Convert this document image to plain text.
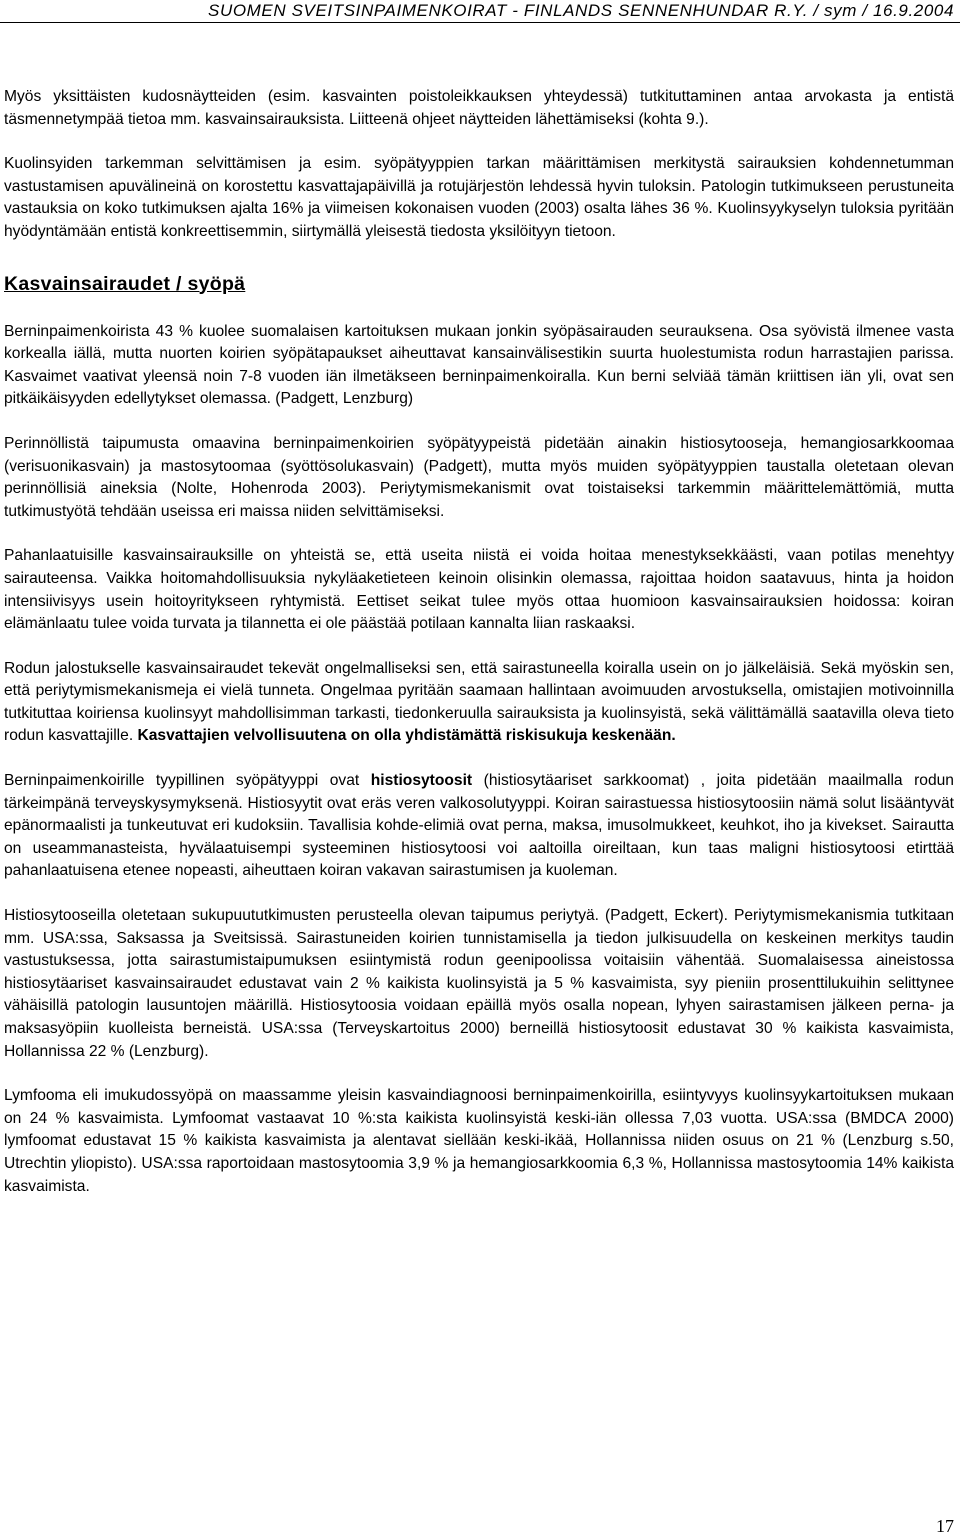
SUOMEN SVEITSINPAIMENKOIRAT - FINLANDS SENNENHUNDAR R.Y. / sym / 16.9.2004

Myös yksittäisten kudosnäytteiden (esim. kasvainten poistoleikkauksen yhteydessä) tutkituttaminen antaa arvokasta ja entistä täsmennetympää tietoa mm. kasvainsairauksista. Liitteenä ohjeet näytteiden lähettämiseksi (kohta 9.).

Kuolinsyiden tarkemman selvittämisen ja esim. syöpätyyppien tarkan määrittämisen merkitystä sairauksien kohdennetumman vastustamisen apuvälineinä on korostettu kasvattajapäivillä ja rotujärjestön lehdessä hyvin tuloksin. Patologin tutkimukseen perustuneita vastauksia on koko tutkimuksen ajalta 16% ja viimeisen kokonaisen vuoden (2003) osalta lähes 36 %. Kuolinsyykyselyn tuloksia pyritään hyödyntämään entistä konkreettisemmin, siirtymällä yleisestä tiedosta yksilöityyn tietoon.

Kasvainsairaudet / syöpä

Berninpaimenkoirista 43 % kuolee suomalaisen kartoituksen mukaan jonkin syöpäsairauden seurauksena. Osa syövistä ilmenee vasta korkealla iällä, mutta nuorten koirien syöpätapaukset aiheuttavat kansainvälisestikin suurta huolestumista rodun harrastajien parissa. Kasvaimet vaativat yleensä noin 7-8 vuoden iän ilmetäkseen berninpaimenkoiralla. Kun berni selviää tämän kriittisen iän yli, ovat sen pitkäikäisyyden edellytykset olemassa. (Padgett, Lenzburg)

Perinnöllistä taipumusta omaavina berninpaimenkoirien syöpätyypeistä pidetään ainakin histiosytooseja, hemangiosarkkoomaa (verisuonikasvain) ja mastosytoomaa (syöttösolukasvain) (Padgett), mutta myös muiden syöpätyyppien taustalla oletetaan olevan perinnöllisiä aineksia (Nolte, Hohenroda 2003). Periytymismekanismit ovat toistaiseksi tarkemmin määrittelemättömiä, mutta tutkimustyötä tehdään useissa eri maissa niiden selvittämiseksi.

Pahanlaatuisille kasvainsairauksille on yhteistä se, että useita niistä ei voida hoitaa menestyksekkäästi, vaan potilas menehtyy sairauteensa. Vaikka hoitomahdollisuuksia nykyläaketieteen keinoin olisinkin olemassa, rajoittaa hoidon saatavuus, hinta ja hoidon intensiivisyys usein hoitoyritykseen ryhtymistä. Eettiset seikat tulee myös ottaa huomioon kasvainsairauksien hoidossa: koiran elämänlaatu tulee voida turvata ja tilannetta ei ole päästää potilaan kannalta liian raskaaksi.

Rodun jalostukselle kasvainsairaudet tekevät ongelmalliseksi sen, että sairastuneella koiralla usein on jo jälkeläisiä. Sekä myöskin sen, että periytymismekanismeja ei vielä tunneta. Ongelmaa pyritään saamaan hallintaan avoimuuden arvostuksella, omistajien motivoinnilla tutkituttaa koiriensa kuolinsyyt mahdollisimman tarkasti, tiedonkeruulla sairauksista ja kuolinsyistä, sekä välittämällä saatavilla oleva tieto rodun kasvattajille. Kasvattajien velvollisuutena on olla yhdistämättä riskisukuja keskenään.

Berninpaimenkoirille tyypillinen syöpätyyppi ovat histiosytoosit (histiosytäariset sarkkoomat) , joita pidetään maailmalla rodun tärkeimpänä terveyskysymyksenä. Histiosyytit ovat eräs veren valkosolutyyppi. Koiran sairastuessa histiosytoosiin nämä solut lisääntyvät epänormaalisti ja tunkeutuvat eri kudoksiin. Tavallisia kohde-elimiä ovat perna, maksa, imusolmukkeet, keuhkot, iho ja kivekset. Sairautta on useammanasteista, hyvälaatuisempi systeeminen histiosytoosi voi aaltoilla oireiltaan, kun taas maligni histiosytoosi etirttää pahanlaatuisena etenee nopeasti, aiheuttaen koiran vakavan sairastumisen ja kuoleman.

Histiosytooseilla oletetaan sukupuututkimusten perusteella olevan taipumus periytyä. (Padgett, Eckert). Periytymismekanismia tutkitaan mm. USA:ssa, Saksassa ja Sveitsissä. Sairastuneiden koirien tunnistamisella ja tiedon julkisuudella on keskeinen merkitys taudin vastustuksessa, jotta sairastumistaipumuksen esiintymistä rodun geenipoolissa voitaisiin vähentää. Suomalaisessa aineistossa histiosytäariset kasvainsairaudet edustavat vain 2 % kaikista kuolinsyistä ja 5 % kasvaimista, syy pieniin prosenttilukuihin selittynee vähäisillä patologin lausuntojen määrillä. Histiosytoosia voidaan epäillä myös osalla nopean, lyhyen sairastamisen jälkeen perna- ja maksasyöpiin kuolleista berneistä. USA:ssa (Terveyskartoitus 2000) berneillä histiosytoosit edustavat 30 % kaikista kasvaimista, Hollannissa 22 % (Lenzburg).

Lymfooma eli imukudossyöpä on maassamme yleisin kasvaindiagnoosi berninpaimenkoirilla, esiintyvyys kuolinsyykartoituksen mukaan on 24 % kasvaimista. Lymfoomat vastaavat 10 %:sta kaikista kuolinsyistä keski-iän ollessa 7,03 vuotta. USA:ssa (BMDCA 2000) lymfoomat edustavat 15 % kaikista kasvaimista ja alentavat siellään keski-ikää, Hollannissa niiden osuus on 21 % (Lenzburg s.50, Utrechtin yliopisto). USA:ssa raportoidaan mastosytoomia 3,9 % ja hemangiosarkkoomia 6,3 %, Hollannissa mastosytoomia 14% kaikista kasvaimista.

17
